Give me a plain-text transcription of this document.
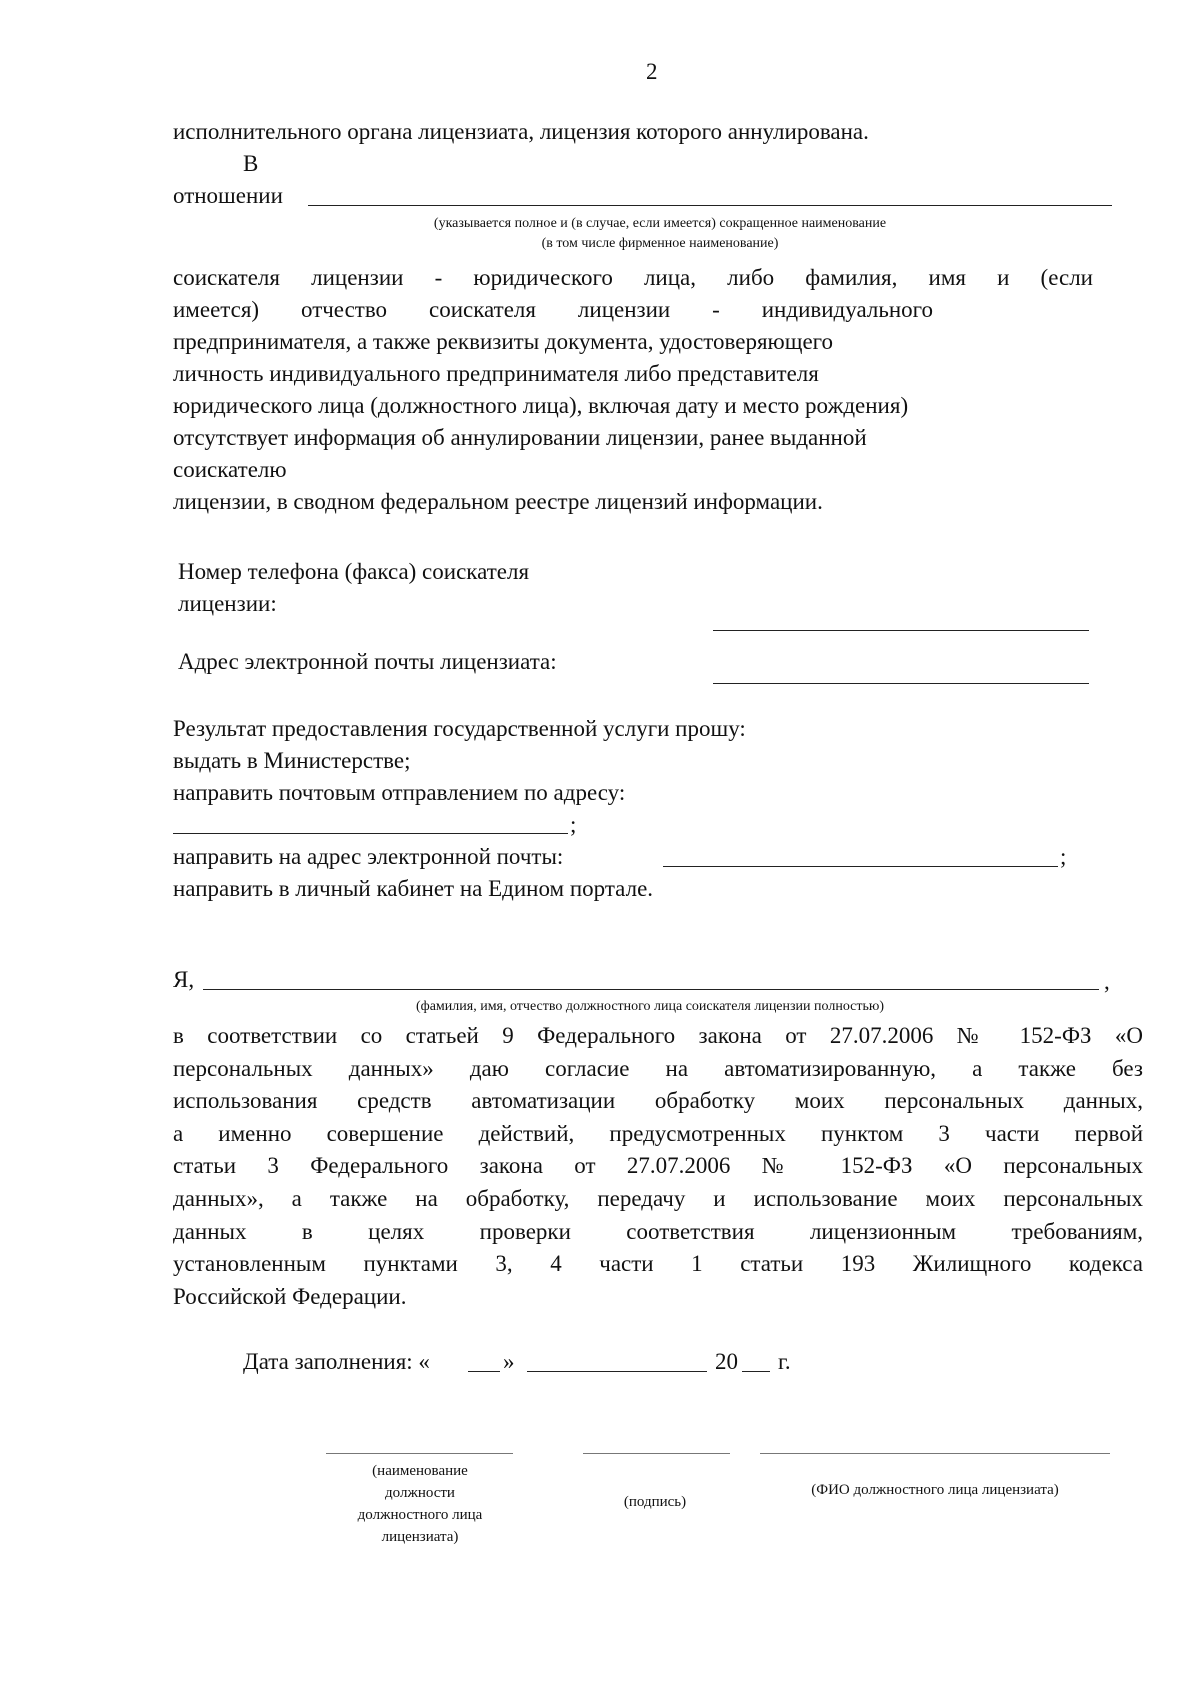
2
исполнительного органа лицензиата, лицензия которого аннулирована.
В
отношении
(указывается полное и (в случае, если имеется) сокращенное наименование
(в том числе фирменное наименование)
соискателя лицензии - юридического лица, либо фамилия, имя и (если
имеется) отчество соискателя лицензии - индивидуального
предпринимателя, а также реквизиты документа, удостоверяющего
личность индивидуального предпринимателя либо представителя
юридического лица (должностного лица), включая дату и место рождения)
отсутствует информация об аннулировании лицензии, ранее выданной
соискателю
лицензии, в сводном федеральном реестре лицензий информации.
Номер телефона (факса) соискателя
лицензии:
Адрес электронной почты лицензиата:
Результат предоставления государственной услуги прошу:
выдать в Министерстве;
направить почтовым отправлением по адресу:
;
направить на адрес электронной почты:	;
направить в личный кабинет на Едином портале.
Я,	,
(фамилия, имя, отчество должностного лица соискателя лицензии полностью)
в соответствии со статьей 9 Федерального закона от 27.07.2006 № 152-ФЗ «О
персональных данных» даю согласие на автоматизированную, а также без
использования средств автоматизации обработку моих персональных данных,
а именно совершение действий, предусмотренных пунктом 3 части первой
статьи 3 Федерального закона от 27.07.2006 № 152-ФЗ «О персональных
данных», а также на обработку, передачу и использование моих персональных
данных в целях проверки соответствия лицензионным требованиям,
установленным пунктами 3, 4 части 1 статьи 193 Жилищного кодекса
Российской Федерации.
Дата заполнения: «	»	20 г.
(наименование
должности
должностного лица
лицензиата)
(подпись)
(ФИО должностного лица лицензиата)
